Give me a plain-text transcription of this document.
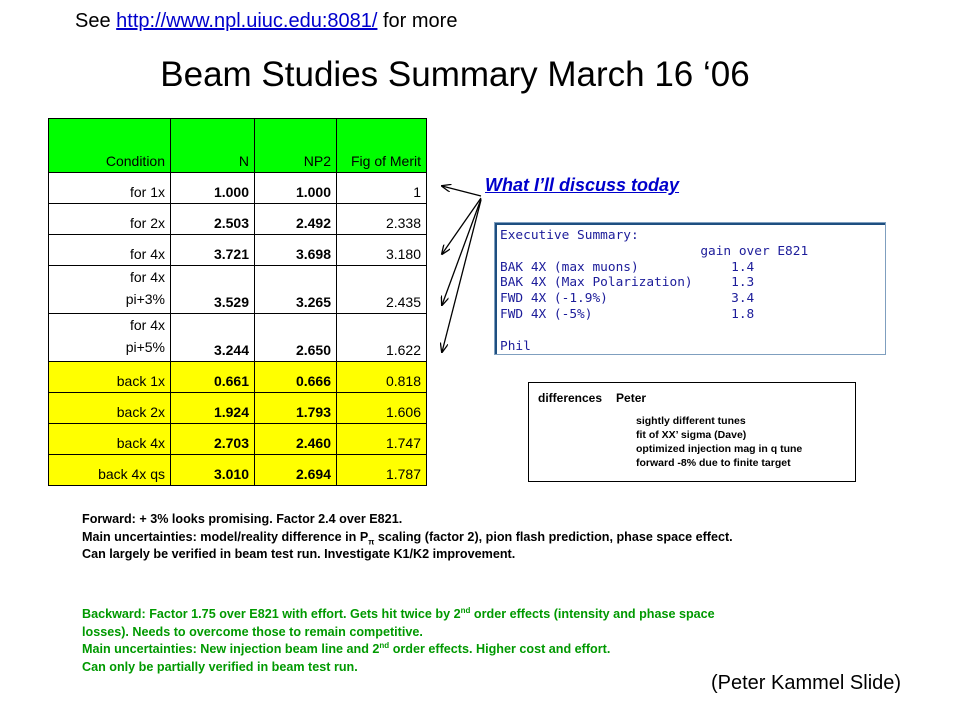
See http://www.npl.uiuc.edu:8081/ for more
Beam Studies Summary March 16 ‘06
Condition	N	NP2	Fig of Merit
for 1x	1.000	1.000	1
for 2x	2.503	2.492	2.338
for 4x	3.721	3.698	3.180
for 4x pi+3%	3.529	3.265	2.435
for 4x pi+5%	3.244	2.650	1.622
back 1x	0.661	0.666	0.818
back 2x	1.924	1.793	1.606
back 4x	2.703	2.460	1.747
back 4x qs	3.010	2.694	1.787
What I’ll discuss today
Executive Summary:
gain over E821
BAK 4X (max muons)            1.4
BAK 4X (Max Polarization)     1.3
FWD 4X (-1.9%)                3.4
FWD 4X (-5%)                  1.8
Phil
differences Peter
sightly different tunes
fit of XX’ sigma (Dave)
optimized injection mag in q tune
forward -8% due to finite target

Forward: + 3% looks promising. Factor 2.4 over E821.

Main uncertainties: model/reality difference in $P_\pi$ scaling (factor 2), pion flash prediction, phase space effect.

Can largely be verified in beam test run. Investigate K1/K2 improvement.

Backward: Factor 1.75 over E821 with effort. Gets hit twice by 2nd order effects (intensity and phase space

losses). Needs to overcome those to remain competitive.

Main uncertainties: New injection beam line and 2nd order effects. Higher cost and effort.

Can only be partially verified in beam test run.

(Peter Kammel Slide)
